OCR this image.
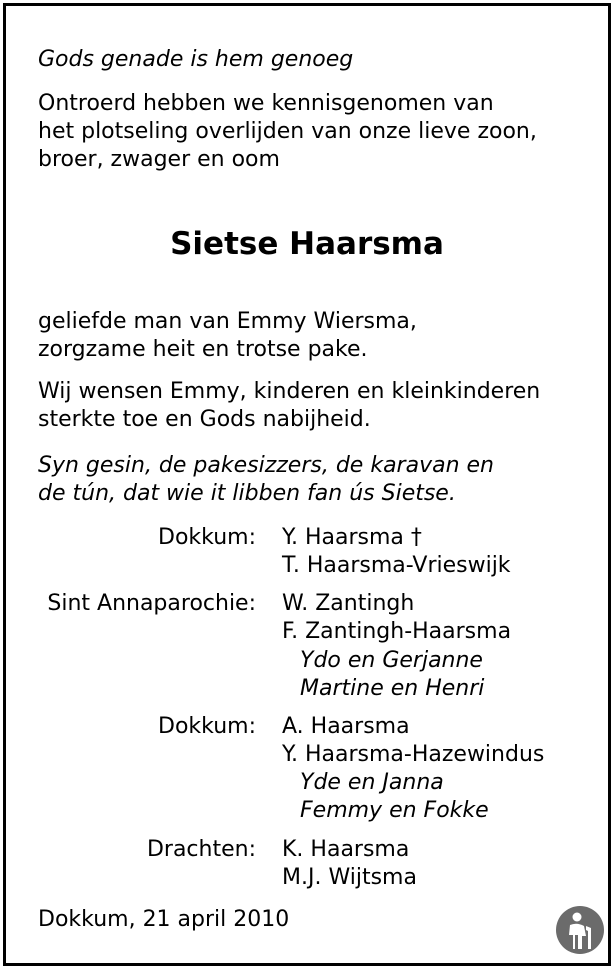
Gods genade is hem genoeg
Ontroerd hebben we kennisgenomen van
het plotseling overlijden van onze lieve zoon,
broer, zwager en oom
Sietse Haarsma
geliefde man van Emmy Wiersma,
zorgzame heit en trotse pake.
Wij wensen Emmy, kinderen en kleinkinderen
sterkte toe en Gods nabijheid.
Syn gesin, de pakesizzers, de karavan en
de tún, dat wie it libben fan ús Sietse.
Dokkum: Y. Haarsma †
T. Haarsma-Vrieswijk
Sint Annaparochie: W. Zantingh
F. Zantingh-Haarsma
Ydo en Gerjanne
Martine en Henri
Dokkum: A. Haarsma
Y. Haarsma-Hazewindus
Yde en Janna
Femmy en Fokke
Drachten: K. Haarsma
M.J. Wijtsma
Dokkum, 21 april 2010
